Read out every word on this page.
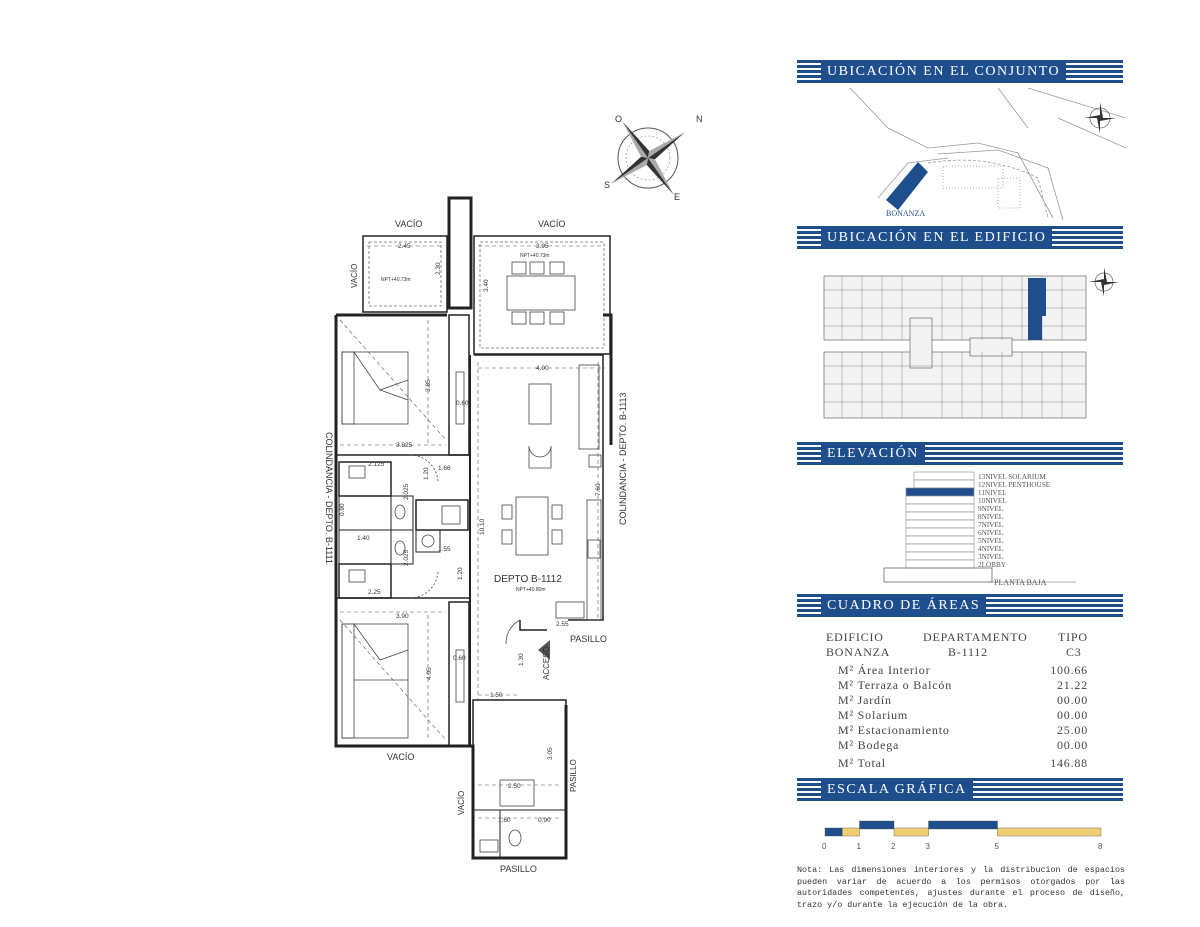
O	N
S
E
VACÍO	VACÍO
VACÍO
VACÍO
VACÍO
PASILLO
PASILLO
PASILLO
ACCESO
COLINDANCIA - DEPTO. B-1111	COLINDANCIA - DEPTO. B-1113
NPT+40.73m
NPT+40.73m
DEPTO B-1112
NPT+40.80m
2.45
2.30
3.95
3.40
4.00
3.85
0.60
3.825
2.125
1.66
1.20
2.025
0.90
1.40
1.55
2.025
10.10
7.60
2.25
3.90
1.20
0.60
4.05
2.55
1.50
1.30
3.05
2.50
1.60	0.90
UBICACIÓN EN EL CONJUNTO
BONANZA
UBICACIÓN EN EL EDIFICIO
ELEVACIÓN
13NIVEL SOLARIUM
12NIVEL PENTHOUSE
11NIVEL
10NIVEL
9NIVEL
8NIVEL
7NIVEL
6NIVEL
5NIVEL
4NIVEL
3NIVEL
2LOBBY
PLANTA BAJA
CUADRO DE ÁREAS
EDIFICIO	DEPARTAMENTO	TIPO
BONANZA	B-1112	C3
M² Área Interior	100.66
M² Terraza o Balcón	21.22
M² Jardín	00.00
M² Solarium	00.00
M² Estacionamiento	25.00
M² Bodega	00.00
M² Total	146.88
ESCALA GRÁFICA
0	1	2	3	5	8
Nota: Las dimensiones interiores y la distribucion de espacios pueden variar de acuerdo a los permisos otorgados por las autoridades competentes, ajustes durante el proceso de diseño, trazo y/o durante la ejecución de la obra.
